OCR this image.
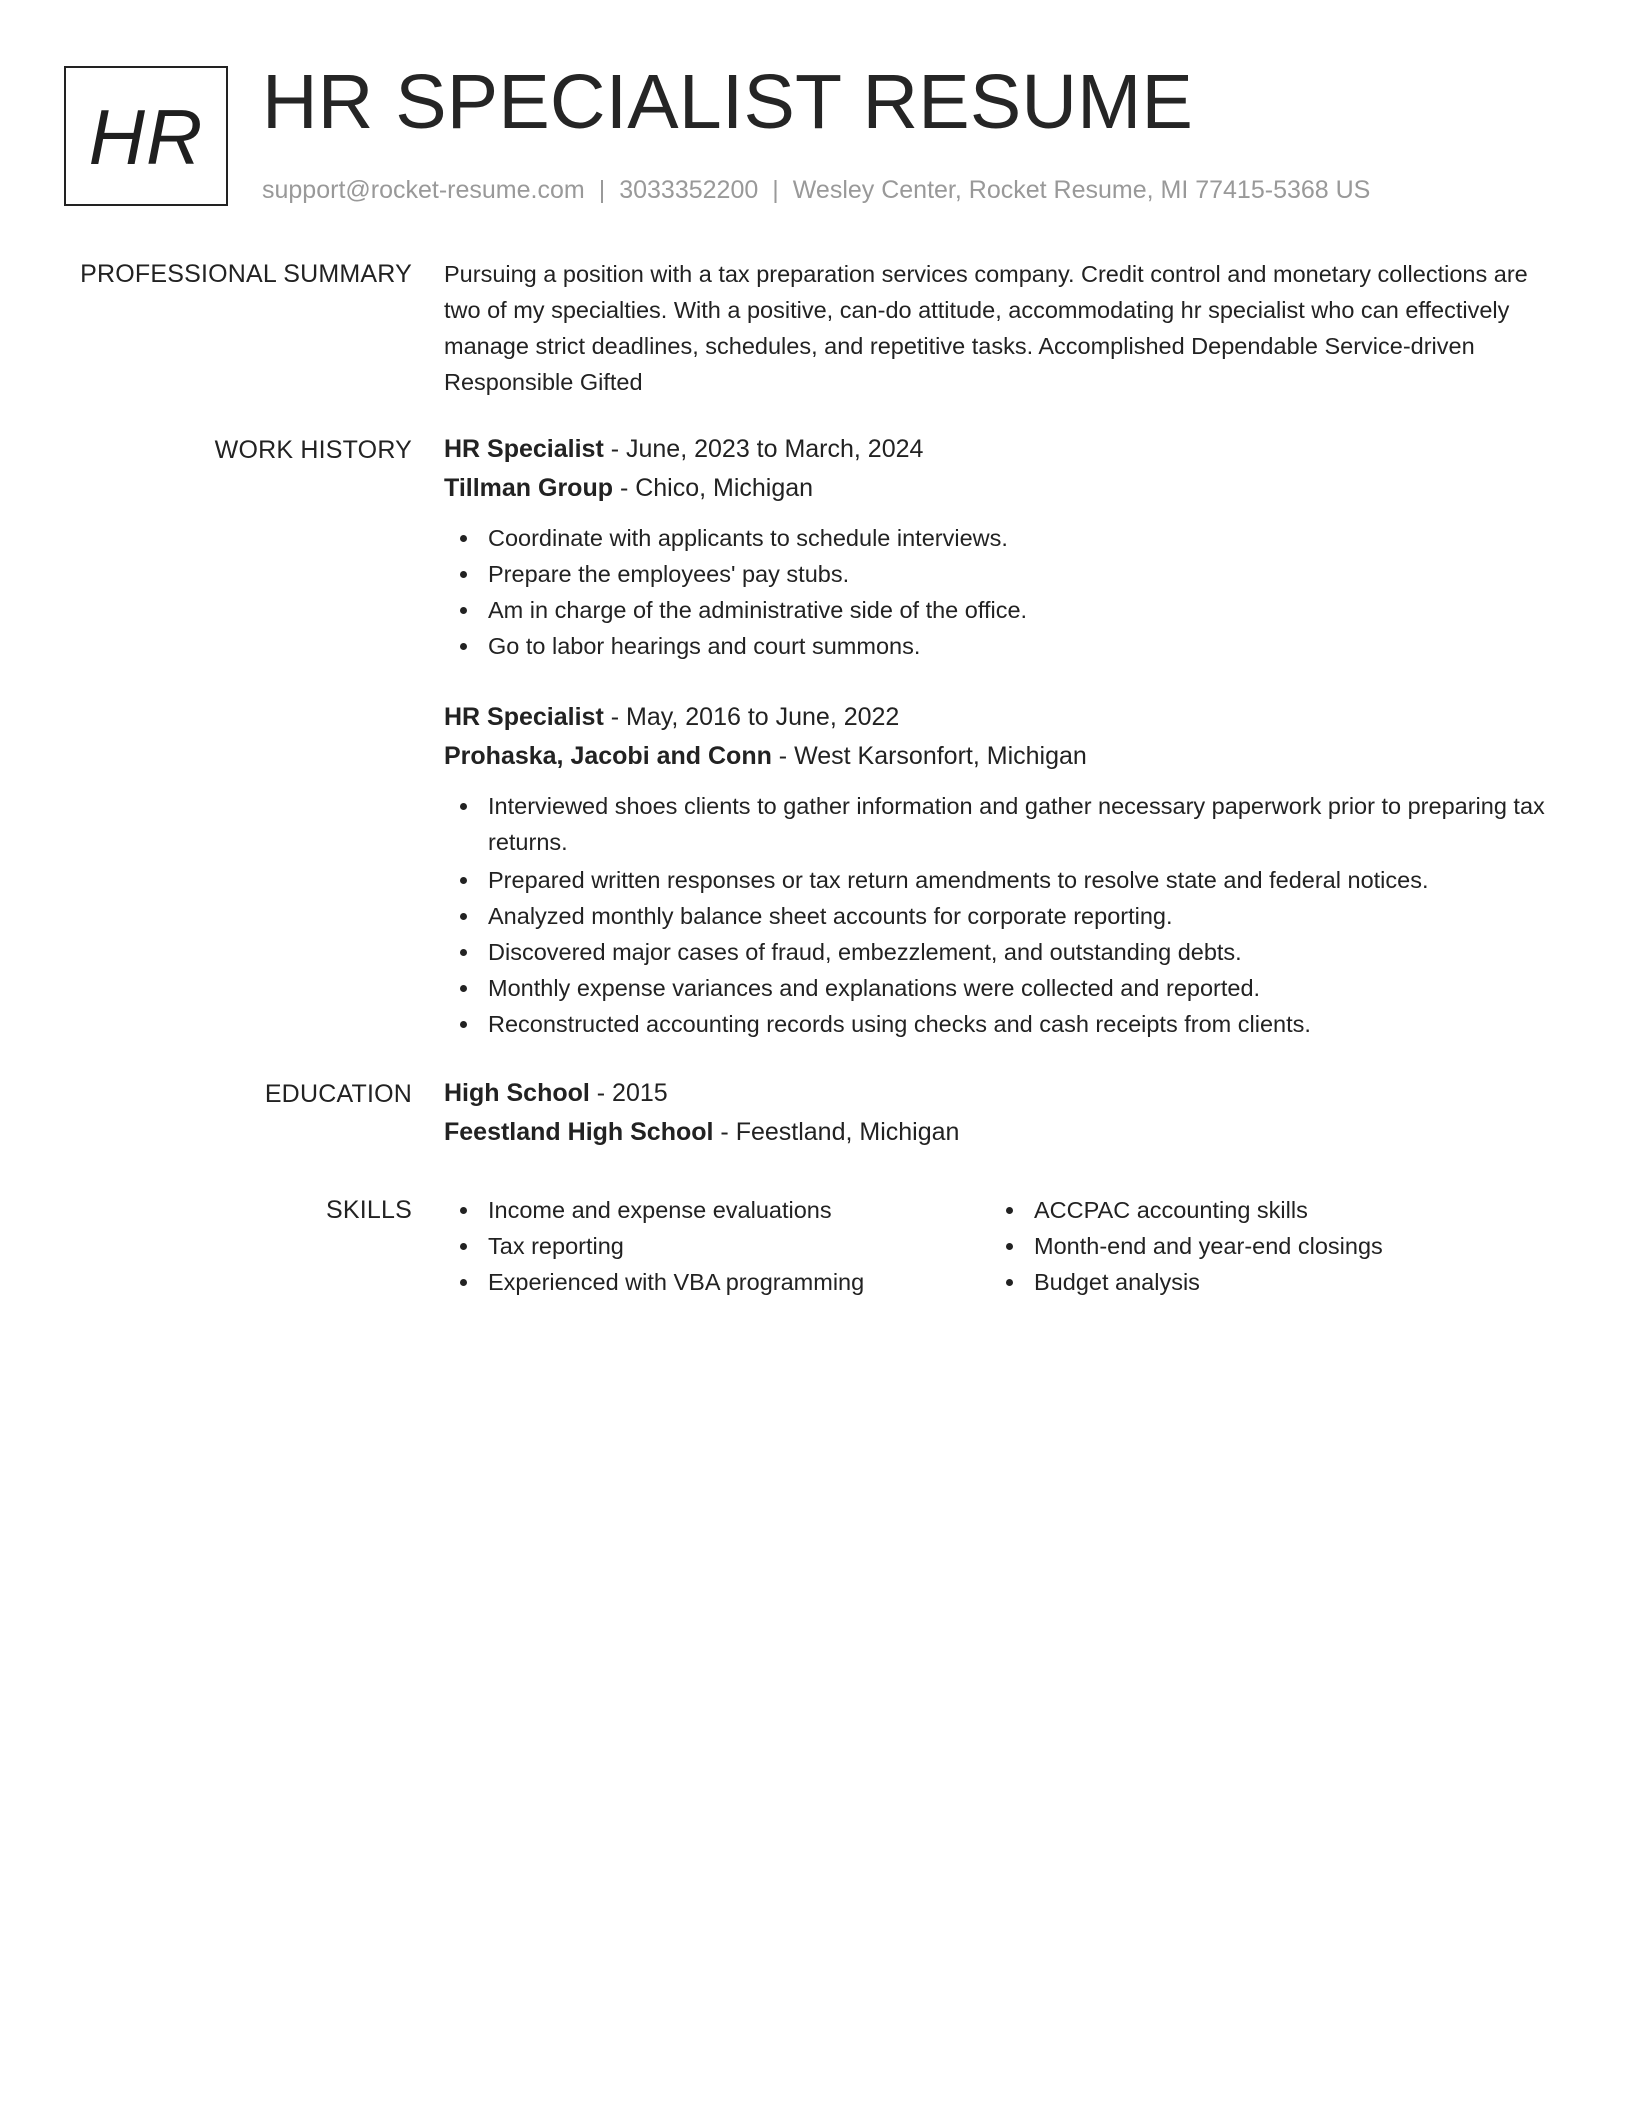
HR HR SPECIALIST RESUME
support@rocket-resume.com | 3033352200 | Wesley Center, Rocket Resume, MI 77415-5368 US
PROFESSIONAL SUMMARY Pursuing a position with a tax preparation services company. Credit control and monetary collections are two of my specialties. With a positive, can-do attitude, accommodating hr specialist who can effectively manage strict deadlines, schedules, and repetitive tasks. Accomplished Dependable Service-driven Responsible Gifted

WORK HISTORY HR Specialist - June, 2023 to March, 2024
Tillman Group - Chico, Michigan
Coordinate with applicants to schedule interviews.
Prepare the employees' pay stubs.
Am in charge of the administrative side of the office.
Go to labor hearings and court summons.
HR Specialist - May, 2016 to June, 2022
Prohaska, Jacobi and Conn - West Karsonfort, Michigan
Interviewed shoes clients to gather information and gather necessary paperwork prior to preparing tax returns.
Prepared written responses or tax return amendments to resolve state and federal notices.
Analyzed monthly balance sheet accounts for corporate reporting.
Discovered major cases of fraud, embezzlement, and outstanding debts.
Monthly expense variances and explanations were collected and reported.
Reconstructed accounting records using checks and cash receipts from clients.
EDUCATION High School - 2015
Feestland High School - Feestland, Michigan
SKILLS	Income and expense evaluations
Tax reporting
Experienced with VBA programming
ACCPAC accounting skills
Month-end and year-end closings
Budget analysis
